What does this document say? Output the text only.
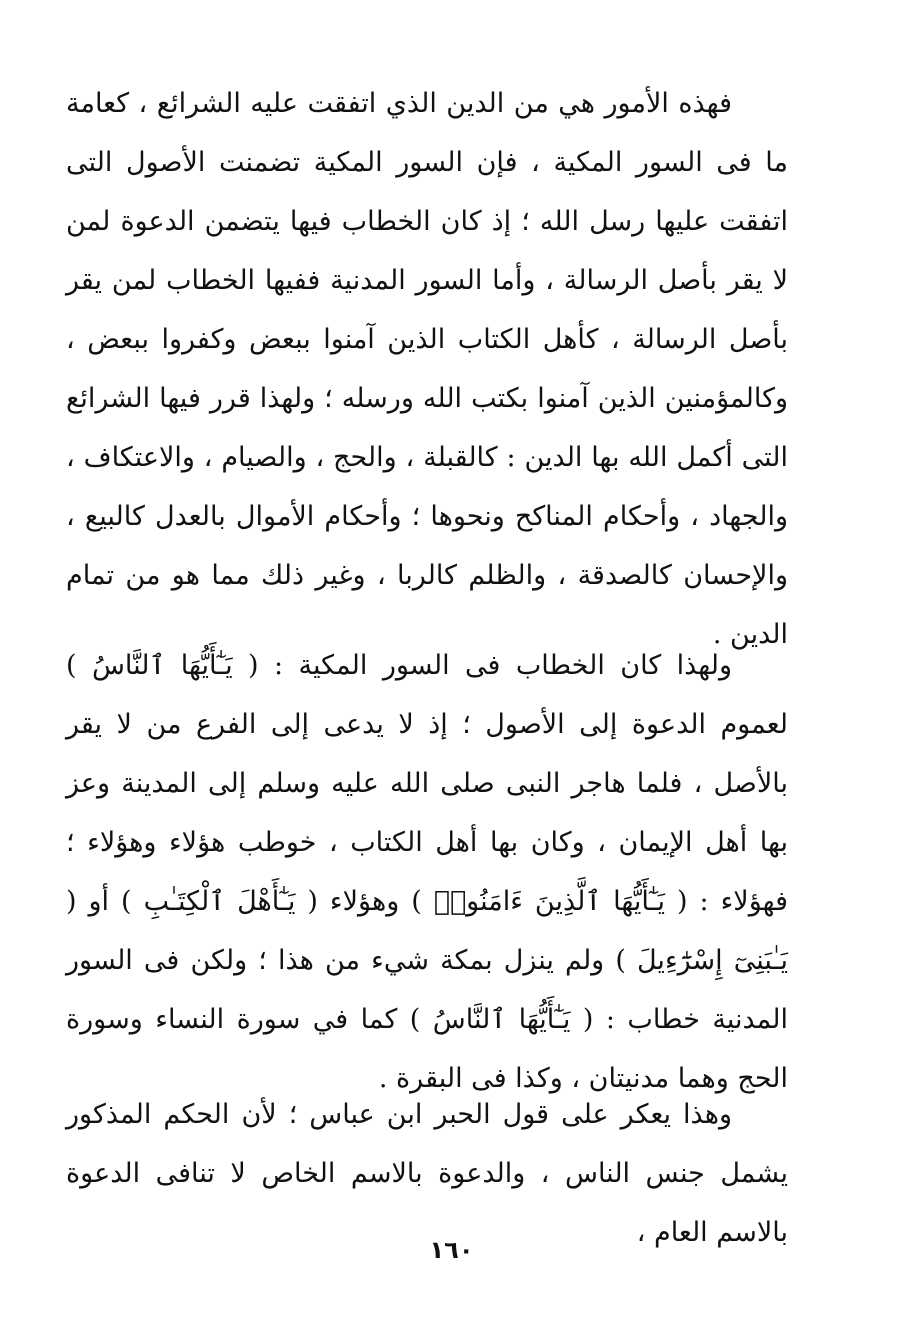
فهذه الأمور هي من الدين الذي اتفقت عليه الشرائع ، كعامة ما فى السور المكية ، فإن السور المكية تضمنت الأصول التى اتفقت عليها رسل الله ؛ إذ كان الخطاب فيها يتضمن الدعوة لمن لا يقر بأصل الرسالة ، وأما السور المدنية ففيها الخطاب لمن يقر بأصل الرسالة ، كأهل الكتاب الذين آمنوا ببعض وكفروا ببعض ، وكالمؤمنين الذين آمنوا بكتب الله ورسله ؛ ولهذا قرر فيها الشرائع التى أكمل الله بها الدين : كالقبلة ، والحج ، والصيام ، والاعتكاف ، والجهاد ، وأحكام المناكح ونحوها ؛ وأحكام الأموال بالعدل كالبيع ، والإحسان كالصدقة ، والظلم كالربا ، وغير ذلك مما هو من تمام الدين .

ولهذا كان الخطاب فى السور المكية : ( يَـٰٓأَيُّهَا ٱلنَّاسُ ) لعموم الدعوة إلى الأصول ؛ إذ لا يدعى إلى الفرع من لا يقر بالأصل ، فلما هاجر النبى صلى الله عليه وسلم إلى المدينة وعز بها أهل الإيمان ، وكان بها أهل الكتاب ، خوطب هؤلاء وهؤلاء ؛ فهؤلاء : ( يَـٰٓأَيُّهَا ٱلَّذِينَ ءَامَنُوا۟ ) وهؤلاء ( يَـٰٓأَهْلَ ٱلْكِتَـٰبِ ) أو ( يَـٰبَنِىٓ إِسْرَٰٓءِيلَ ) ولم ينزل بمكة شيء من هذا ؛ ولكن فى السور المدنية خطاب : ( يَـٰٓأَيُّهَا ٱلنَّاسُ ) كما في سورة النساء وسورة الحج وهما مدنيتان ، وكذا فى البقرة .

وهذا يعكر على قول الحبر ابن عباس ؛ لأن الحكم المذكور يشمل جنس الناس ، والدعوة بالاسم الخاص لا تنافى الدعوة بالاسم العام ،

١٦٠
